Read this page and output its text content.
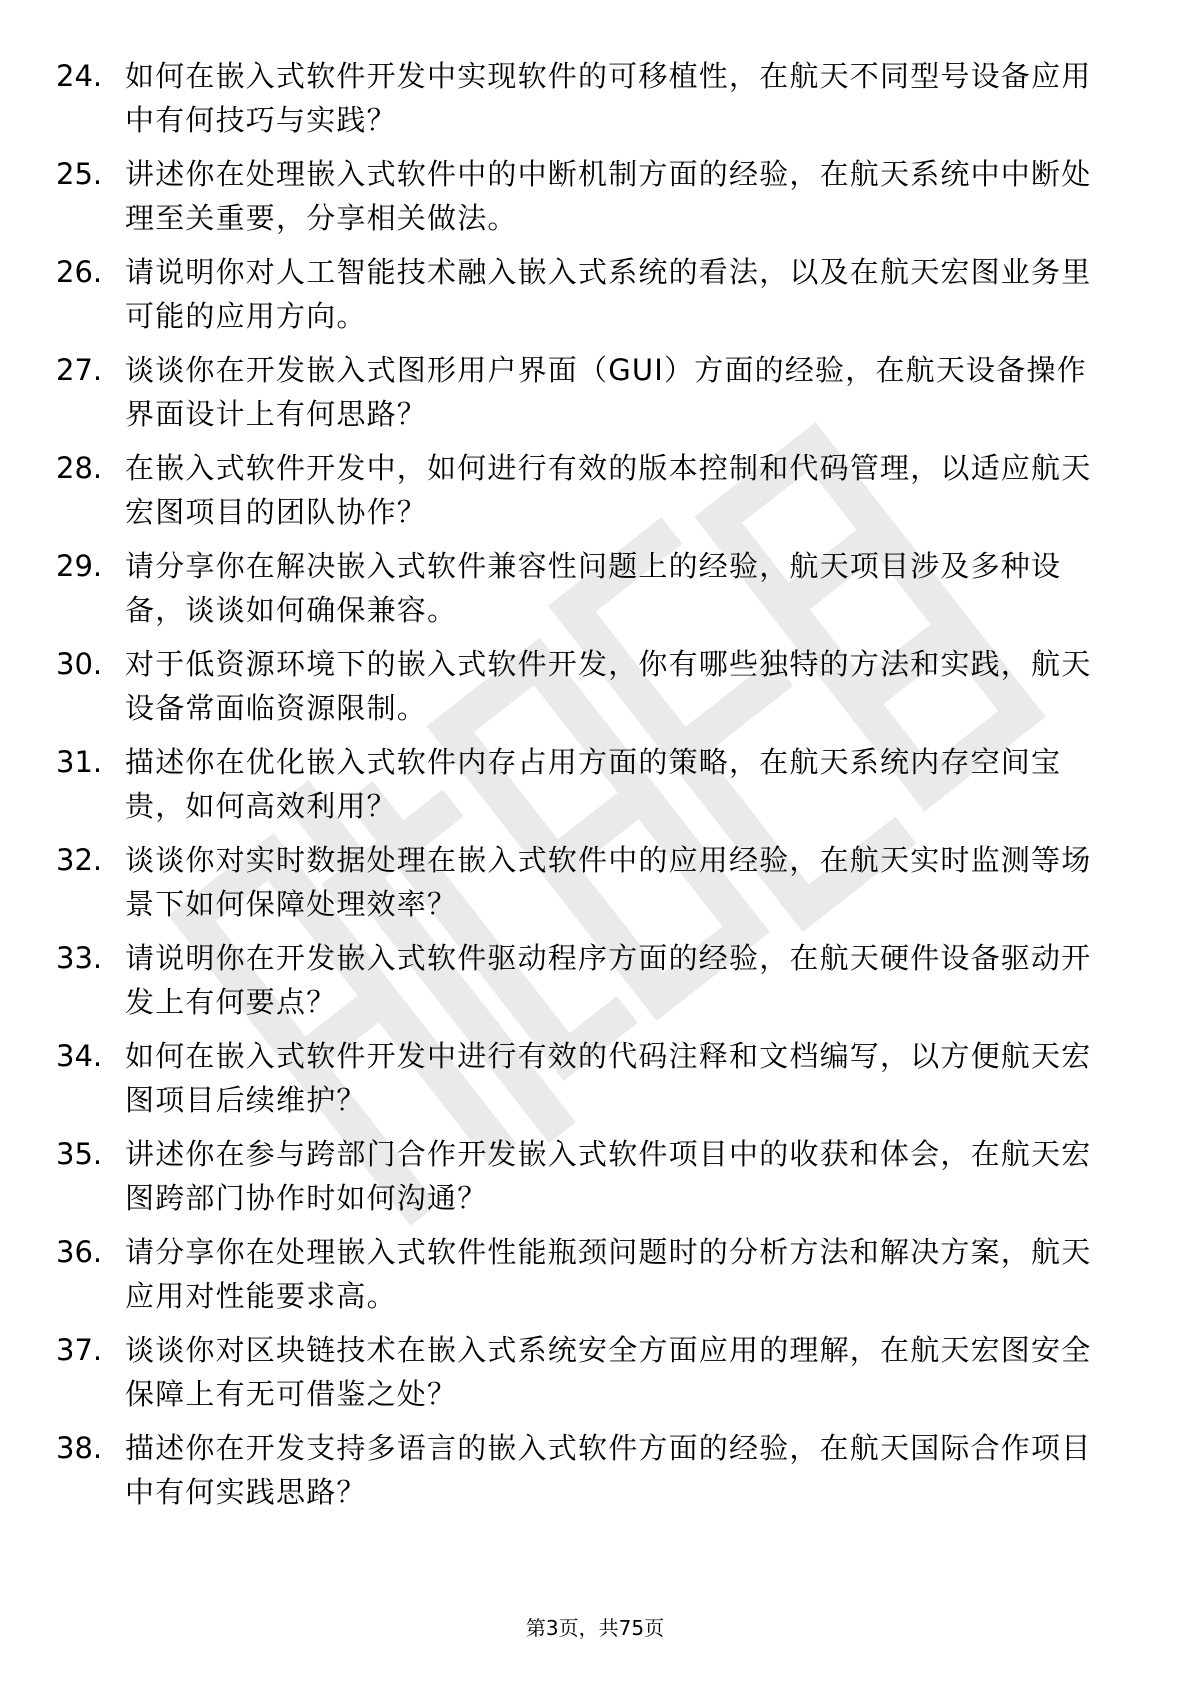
24. 如何在嵌入式软件开发中实现软件的可移植性，在航天不同型号设备应用中有何技巧与实践？
25. 讲述你在处理嵌入式软件中的中断机制方面的经验，在航天系统中中断处理至关重要，分享相关做法。
26. 请说明你对人工智能技术融入嵌入式系统的看法，以及在航天宏图业务里可能的应用方向。
27. 谈谈你在开发嵌入式图形用户界面（GUI）方面的经验，在航天设备操作界面设计上有何思路？
28. 在嵌入式软件开发中，如何进行有效的版本控制和代码管理，以适应航天宏图项目的团队协作？
29. 请分享你在解决嵌入式软件兼容性问题上的经验，航天项目涉及多种设备，谈谈如何确保兼容。
30. 对于低资源环境下的嵌入式软件开发，你有哪些独特的方法和实践，航天设备常面临资源限制。
31. 描述你在优化嵌入式软件内存占用方面的策略，在航天系统内存空间宝贵，如何高效利用？
32. 谈谈你对实时数据处理在嵌入式软件中的应用经验，在航天实时监测等场景下如何保障处理效率？
33. 请说明你在开发嵌入式软件驱动程序方面的经验，在航天硬件设备驱动开发上有何要点？
34. 如何在嵌入式软件开发中进行有效的代码注释和文档编写，以方便航天宏图项目后续维护？
35. 讲述你在参与跨部门合作开发嵌入式软件项目中的收获和体会，在航天宏图跨部门协作时如何沟通？
36. 请分享你在处理嵌入式软件性能瓶颈问题时的分析方法和解决方案，航天应用对性能要求高。
37. 谈谈你对区块链技术在嵌入式系统安全方面应用的理解，在航天宏图安全保障上有无可借鉴之处？
38. 描述你在开发支持多语言的嵌入式软件方面的经验，在航天国际合作项目中有何实践思路？
第3页，共75页
